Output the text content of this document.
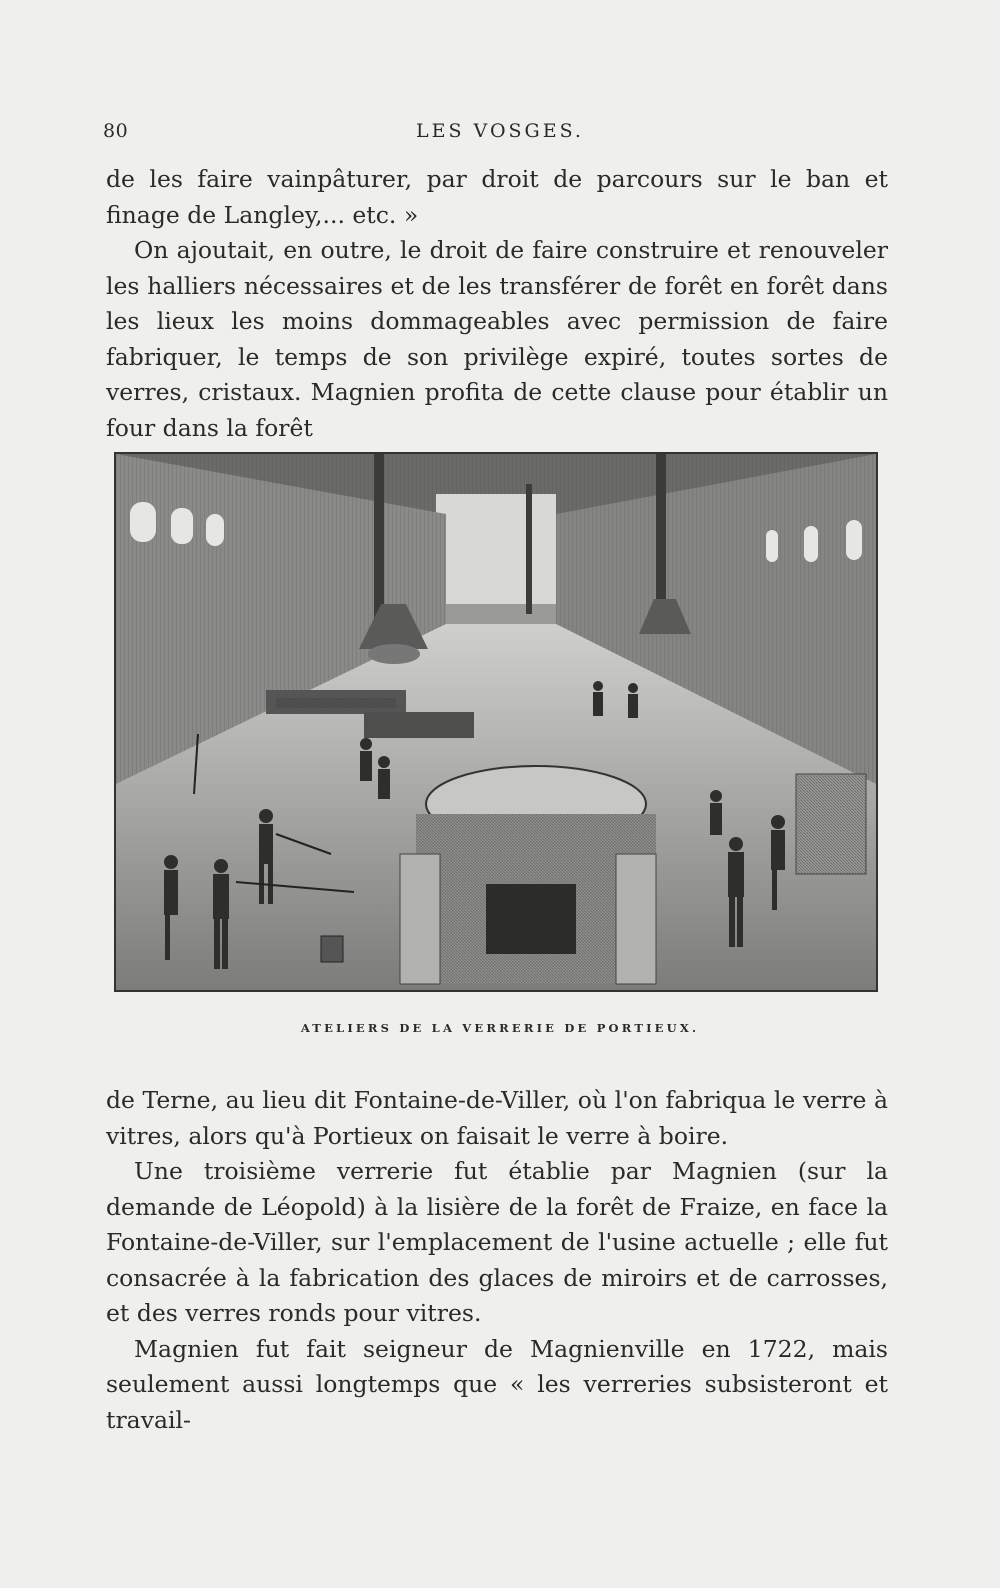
80	LES VOSGES.

de les faire vainpâturer, par droit de parcours sur le ban et finage de Langley,... etc. »

On ajoutait, en outre, le droit de faire construire et renouveler les halliers nécessaires et de les transférer de forêt en forêt dans les lieux les moins dommageables avec permission de faire fabriquer, le temps de son privilège expiré, toutes sortes de verres, cristaux. Magnien profita de cette clause pour établir un four dans la forêt

ATELIERS DE LA VERRERIE DE PORTIEUX.

de Terne, au lieu dit Fontaine-de-Viller, où l'on fabriqua le verre à vitres, alors qu'à Portieux on faisait le verre à boire.

Une troisième verrerie fut établie par Magnien (sur la demande de Léopold) à la lisière de la forêt de Fraize, en face la Fontaine-de-Viller, sur l'emplacement de l'usine actuelle ; elle fut consacrée à la fabrication des glaces de miroirs et de carrosses, et des verres ronds pour vitres.

Magnien fut fait seigneur de Magnienville en 1722, mais seulement aussi longtemps que « les verreries subsisteront et travail-
